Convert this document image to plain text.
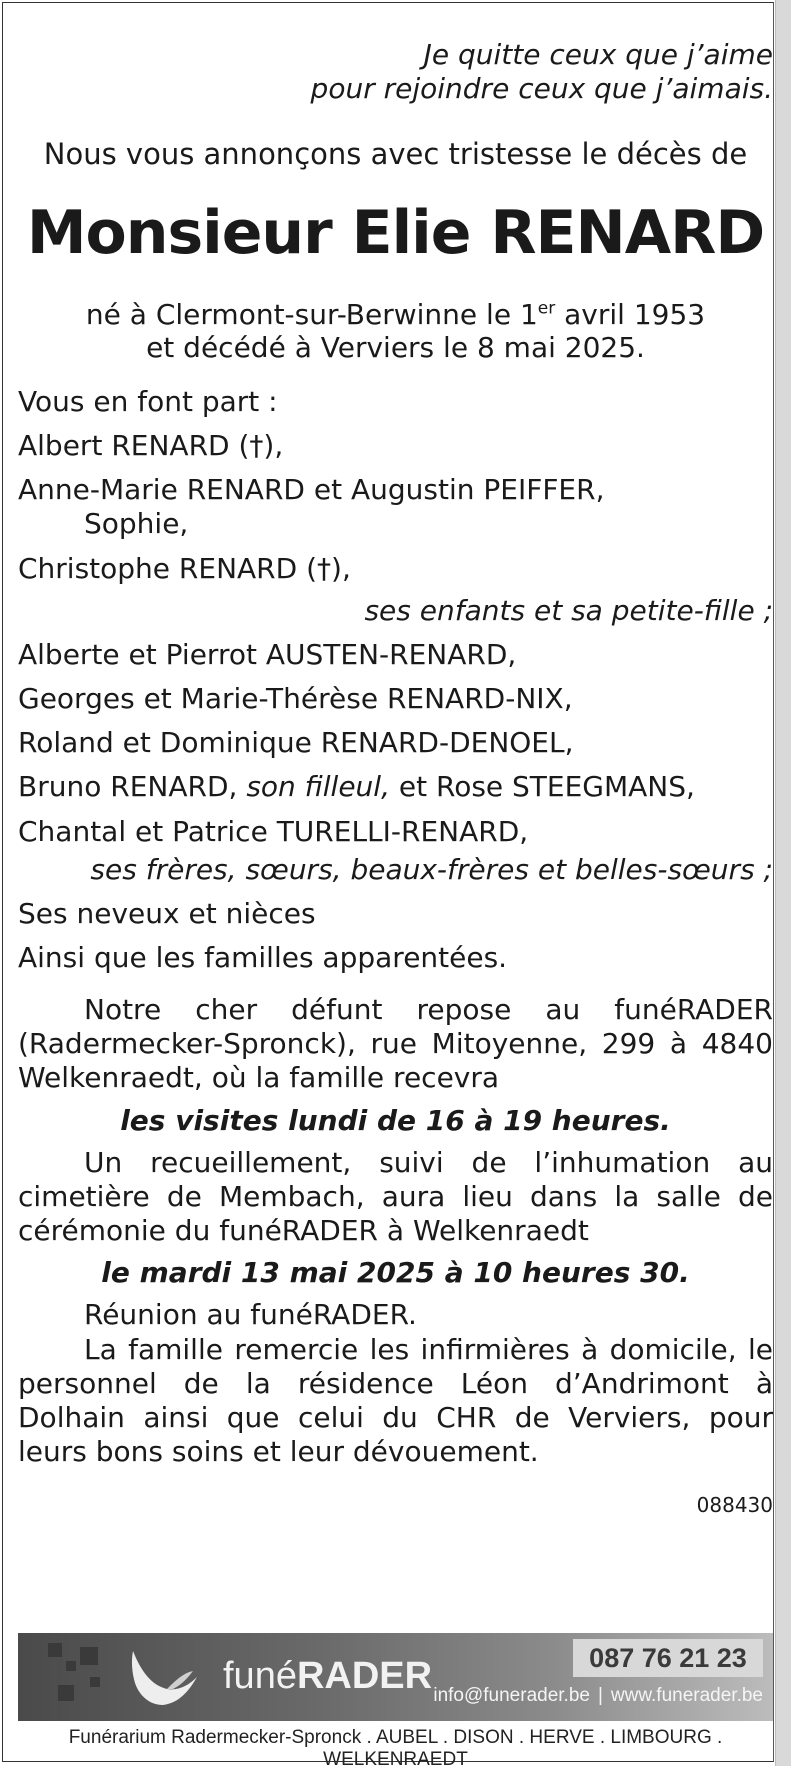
Je quitte ceux que j’aime
pour rejoindre ceux que j’aimais.

Nous vous annonçons avec tristesse le décès de

Monsieur Elie RENARD

né à Clermont-sur-Berwinne le 1er avril 1953
et décédé à Verviers le 8 mai 2025.

Vous en font part :
Albert RENARD (†),
Anne-Marie RENARD et Augustin PEIFFER,
Sophie,
Christophe RENARD (†),
ses enfants et sa petite-fille ;
Alberte et Pierrot AUSTEN-RENARD,
Georges et Marie-Thérèse RENARD-NIX,
Roland et Dominique RENARD-DENOEL,
Bruno RENARD, son filleul, et Rose STEEGMANS,
Chantal et Patrice TURELLI-RENARD,
ses frères, sœurs, beaux-frères et belles-sœurs ;
Ses neveux et nièces
Ainsi que les familles apparentées.

Notre cher défunt repose au funéRADER (Radermecker-Spronck), rue Mitoyenne, 299 à 4840 Welkenraedt, où la famille recevra

les visites lundi de 16 à 19 heures.

Un recueillement, suivi de l’inhumation au cimetière de Membach, aura lieu dans la salle de cérémonie du funéRADER à Welkenraedt

le mardi 13 mai 2025 à 10 heures 30.

Réunion au funéRADER.

La famille remercie les infirmières à domicile, le personnel de la résidence Léon d’Andrimont à Dolhain ainsi que celui du CHR de Verviers, pour leurs bons soins et leur dévouement.

088430
funéRADER	087 76 21 23
info@funerader.be | www.funerader.be
Funérarium Radermecker-Spronck . AUBEL . DISON . HERVE . LIMBOURG . WELKENRAEDT
